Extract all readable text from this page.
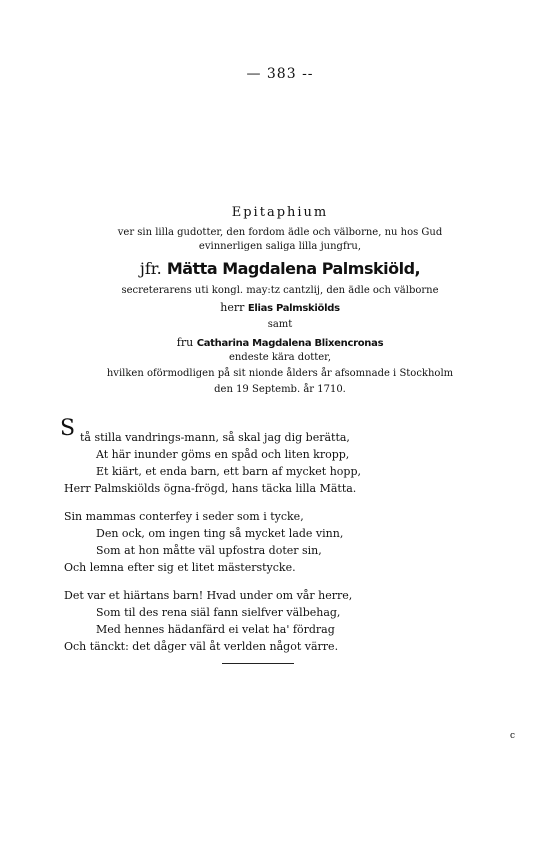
— 383 --
Epitaphium
ver sin lilla gudotter, den fordom ädle och välborne, nu hos Gud
evinnerligen saliga lilla jungfru,
jfr. Mätta Magdalena Palmskiöld,
secreterarens uti kongl. may:tz cantzlij, den ädle och välborne
herr Elias Palmskiölds
samt
fru Catharina Magdalena Blixencronas
endeste kära dotter,
hvilken oförmodligen på sit nionde ålders år afsomnade i Stockholm
den 19 Septemb. år 1710.
S tå stilla vandrings-mann, så skal jag dig berätta,
At här inunder göms en spåd och liten kropp,
Et kiärt, et enda barn, ett barn af mycket hopp,
Herr Palmskiölds ögna-frögd, hans täcka lilla Mätta.
Sin mammas conterfey i seder som i tycke,
Den ock, om ingen ting så mycket lade vinn,
Som at hon måtte väl upfostra doter sin,
Och lemna efter sig et litet mästerstycke.
Det var et hiärtans barn! Hvad under om vår herre,
Som til des rena siäl fann sielfver välbehag,
Med hennes hädanfärd ei velat ha' fördrag
Och tänckt: det dåger väl åt verlden något värre.
c
